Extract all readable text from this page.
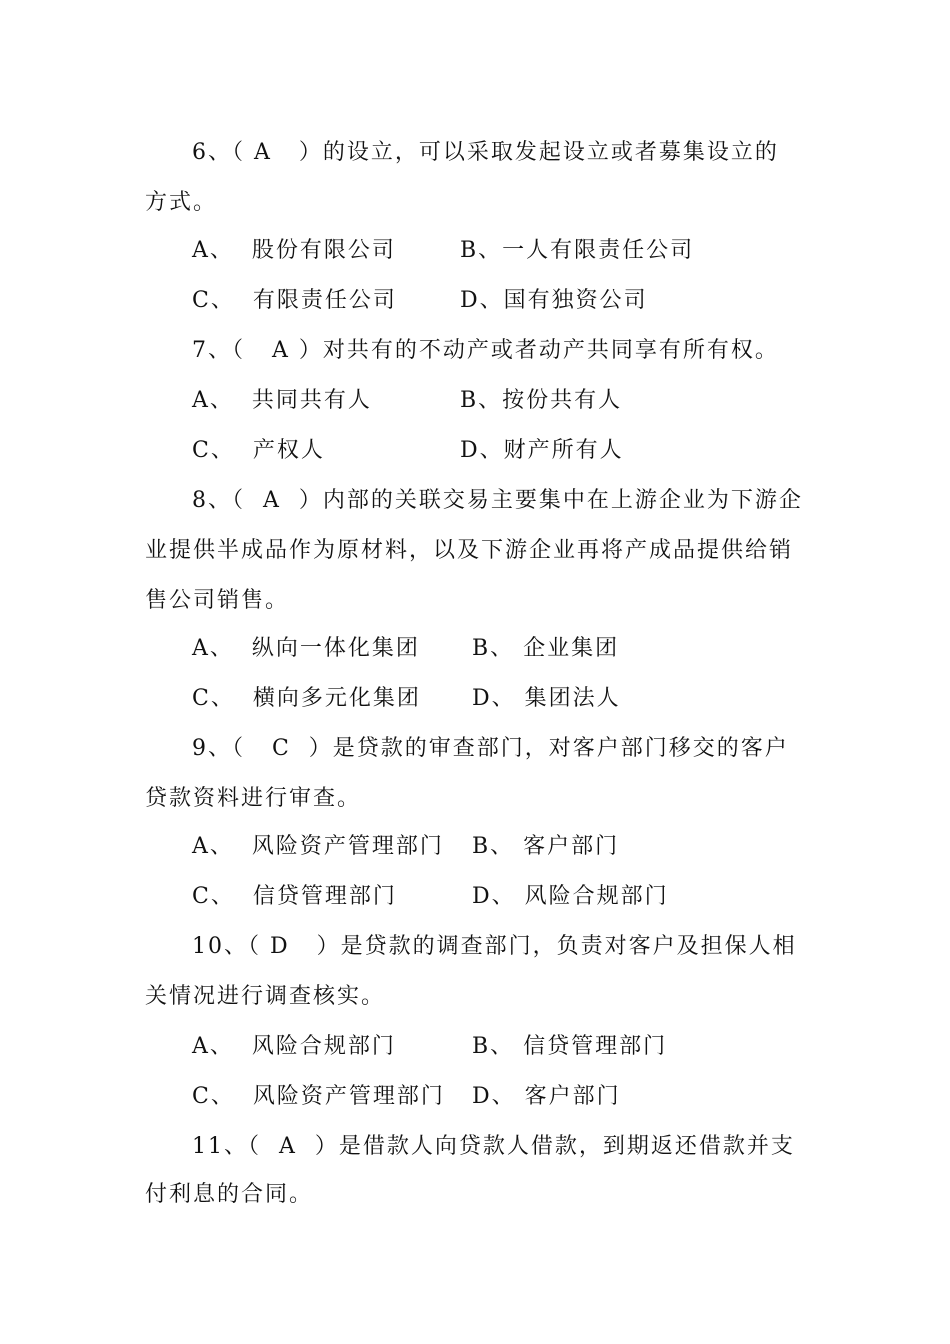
6、（ A   ）的设立，可以采取发起设立或者募集设立的
方式。
A、  股份有限公司	B、一人有限责任公司
C、  有限责任公司	D、国有独资公司
7、（   A ）对共有的不动产或者动产共同享有所有权。
A、  共同共有人	B、按份共有人
C、  产权人	D、财产所有人
8、（  A  ）内部的关联交易主要集中在上游企业为下游企
业提供半成品作为原材料，以及下游企业再将产成品提供给销
售公司销售。
A、  纵向一体化集团 B、 企业集团
C、  横向多元化集团 D、 集团法人
9、（   C  ）是贷款的审查部门，对客户部门移交的客户
贷款资料进行审查。
A、  风险资产管理部门 B、 客户部门
C、  信贷管理部门	D、 风险合规部门
10、（ D   ）是贷款的调查部门，负责对客户及担保人相
关情况进行调查核实。
A、  风险合规部门	B、 信贷管理部门
C、  风险资产管理部门 D、 客户部门
11、（  A  ）是借款人向贷款人借款，到期返还借款并支
付利息的合同。
